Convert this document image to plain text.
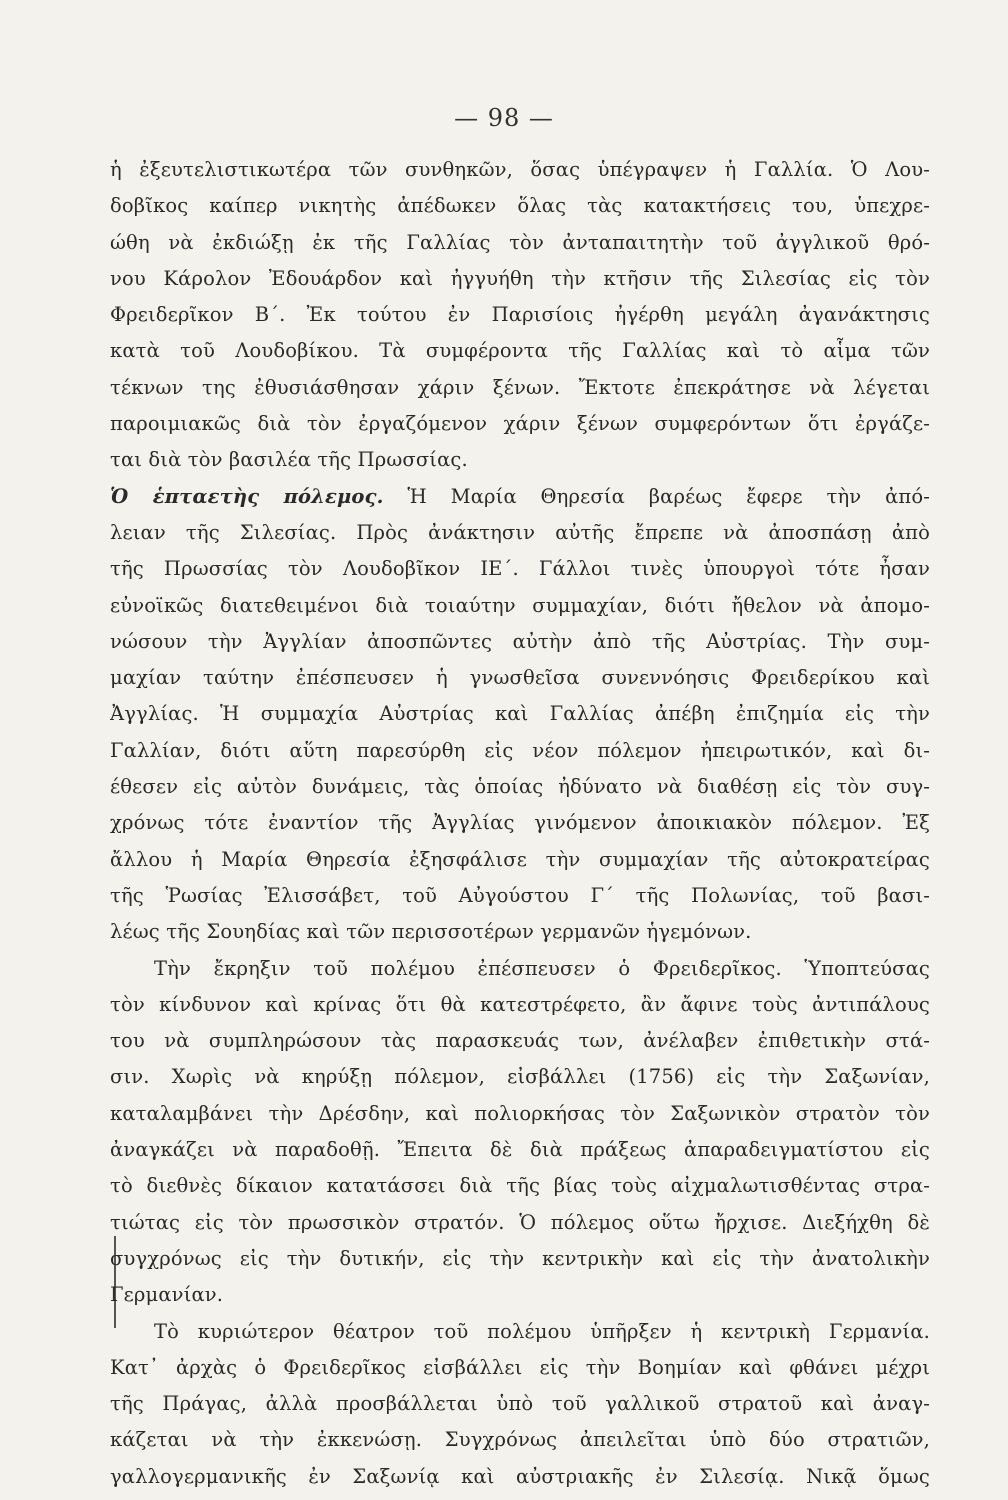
— 98 —
ἡ ἐξευτελιστικωτέρα τῶν συνθηκῶν, ὅσας ὑπέγραψεν ἡ Γαλλία. Ὁ Λου-
δοβῖκος καίπερ νικητὴς ἀπέδωκεν ὅλας τὰς κατακτήσεις του, ὑπεχρε-
ώθη νὰ ἐκδιώξῃ ἐκ τῆς Γαλλίας τὸν ἀνταπαιτητὴν τοῦ ἀγγλικοῦ θρό-
νου Κάρολον Ἐδουάρδον καὶ ἠγγυήθη τὴν κτῆσιν τῆς Σιλεσίας εἰς τὸν
Φρειδερῖκον Β΄. Ἐκ τούτου ἐν Παρισίοις ἠγέρθη μεγάλη ἀγανάκτησις
κατὰ τοῦ Λουδοβίκου. Τὰ συμφέροντα τῆς Γαλλίας καὶ τὸ αἷμα τῶν
τέκνων της ἐθυσιάσθησαν χάριν ξένων. Ἔκτοτε ἐπεκράτησε νὰ λέγεται
παροιμιακῶς διὰ τὸν ἐργαζόμενον χάριν ξένων συμφερόντων ὅτι ἐργάζε-
ται διὰ τὸν βασιλέα τῆς Πρωσσίας.
Ὁ ἑπταετὴς πόλεμος. Ἡ Μαρία Θηρεσία βαρέως ἔφερε τὴν ἀπό-
λειαν τῆς Σιλεσίας. Πρὸς ἀνάκτησιν αὐτῆς ἔπρεπε νὰ ἀποσπάσῃ ἀπὸ
τῆς Πρωσσίας τὸν Λουδοβῖκον ΙΕ΄. Γάλλοι τινὲς ὑπουργοὶ τότε ἦσαν
εὐνοϊκῶς διατεθειμένοι διὰ τοιαύτην συμμαχίαν, διότι ἤθελον νὰ ἀπομο-
νώσουν τὴν Ἀγγλίαν ἀποσπῶντες αὐτὴν ἀπὸ τῆς Αὐστρίας. Τὴν συμ-
μαχίαν ταύτην ἐπέσπευσεν ἡ γνωσθεῖσα συνεννόησις Φρειδερίκου καὶ
Ἀγγλίας. Ἡ συμμαχία Αὐστρίας καὶ Γαλλίας ἀπέβη ἐπιζημία εἰς τὴν
Γαλλίαν, διότι αὕτη παρεσύρθη εἰς νέον πόλεμον ἠπειρωτικόν, καὶ δι-
έθεσεν εἰς αὐτὸν δυνάμεις, τὰς ὁποίας ἠδύνατο νὰ διαθέσῃ εἰς τὸν συγ-
χρόνως τότε ἐναντίον τῆς Ἀγγλίας γινόμενον ἀποικιακὸν πόλεμον. Ἐξ
ἄλλου ἡ Μαρία Θηρεσία ἐξησφάλισε τὴν συμμαχίαν τῆς αὐτοκρατείρας
τῆς Ῥωσίας Ἐλισσάβετ, τοῦ Αὐγούστου Γ΄ τῆς Πολωνίας, τοῦ βασι-
λέως τῆς Σουηδίας καὶ τῶν περισσοτέρων γερμανῶν ἡγεμόνων.
Τὴν ἔκρηξιν τοῦ πολέμου ἐπέσπευσεν ὁ Φρειδερῖκος. Ὑποπτεύσας
τὸν κίνδυνον καὶ κρίνας ὅτι θὰ κατεστρέφετο, ἂν ἄφινε τοὺς ἀντιπάλους
του νὰ συμπληρώσουν τὰς παρασκευάς των, ἀνέλαβεν ἐπιθετικὴν στά-
σιν. Χωρὶς νὰ κηρύξῃ πόλεμον, εἰσβάλλει (1756) εἰς τὴν Σαξωνίαν,
καταλαμβάνει τὴν Δρέσδην, καὶ πολιορκήσας τὸν Σαξωνικὸν στρατὸν τὸν
ἀναγκάζει νὰ παραδοθῇ. Ἔπειτα δὲ διὰ πράξεως ἀπαραδειγματίστου εἰς
τὸ διεθνὲς δίκαιον κατατάσσει διὰ τῆς βίας τοὺς αἰχμαλωτισθέντας στρα-
τιώτας εἰς τὸν πρωσσικὸν στρατόν. Ὁ πόλεμος οὕτω ἤρχισε. Διεξήχθη δὲ
συγχρόνως εἰς τὴν δυτικήν, εἰς τὴν κεντρικὴν καὶ εἰς τὴν ἀνατολικὴν
Γερμανίαν.
Τὸ κυριώτερον θέατρον τοῦ πολέμου ὑπῆρξεν ἡ κεντρικὴ Γερμανία.
Κατ᾽ ἀρχὰς ὁ Φρειδερῖκος εἰσβάλλει εἰς τὴν Βοημίαν καὶ φθάνει μέχρι
τῆς Πράγας, ἀλλὰ προσβάλλεται ὑπὸ τοῦ γαλλικοῦ στρατοῦ καὶ ἀναγ-
κάζεται νὰ τὴν ἐκκενώσῃ. Συγχρόνως ἀπειλεῖται ὑπὸ δύο στρατιῶν,
γαλλογερμανικῆς ἐν Σαξωνίᾳ καὶ αὐστριακῆς ἐν Σιλεσίᾳ. Νικᾷ ὅμως
